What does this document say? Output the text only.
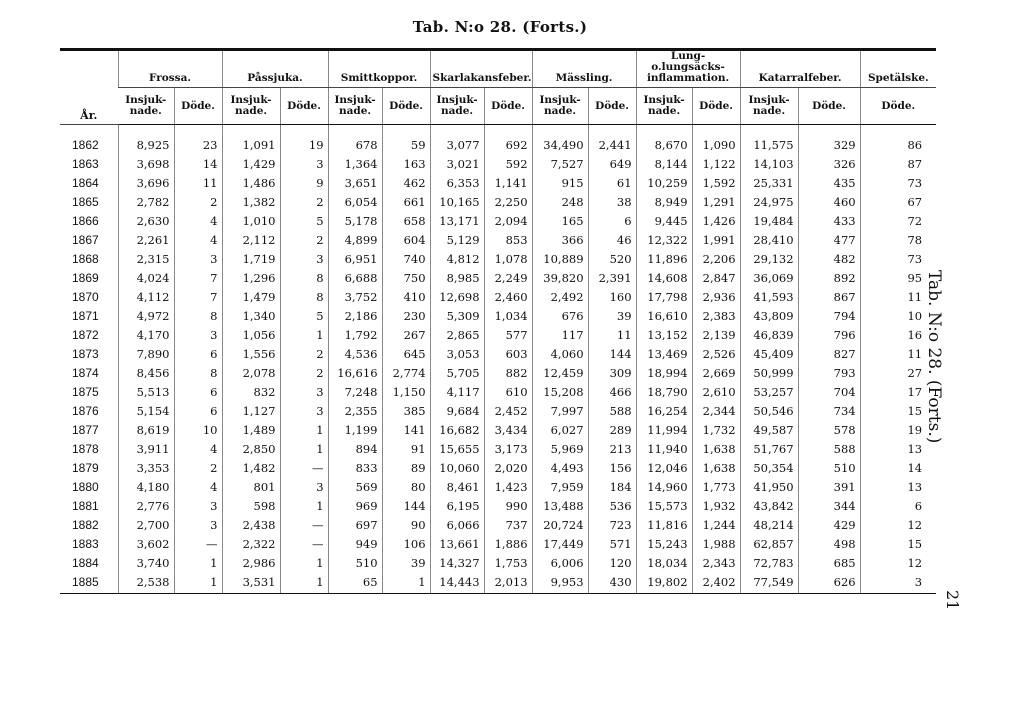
Tab. N:o 28. (Forts.)
År.	Frossa.		Påssjuka.		Smittkoppor.		Skarlakansfeber.		Mässling.		Lung-o.lungsäcks-inflammation.		Katarralfeber.		Spetälske.
	Insjuk-nade.	Döde.	Insjuk-nade.	Döde.	Insjuk-nade.	Döde.	Insjuk-nade.	Döde.	Insjuk-nade.	Döde.	Insjuk-nade.	Döde.	Insjuk-nade.	Döde.	Döde.
1862	8,925	23	1,091	19	678	59	3,077	692	34,490	2,441	8,670	1,090	11,575	329	86
1863	3,698	14	1,429	3	1,364	163	3,021	592	7,527	649	8,144	1,122	14,103	326	87
1864	3,696	11	1,486	9	3,651	462	6,353	1,141	915	61	10,259	1,592	25,331	435	73
1865	2,782	2	1,382	2	6,054	661	10,165	2,250	248	38	8,949	1,291	24,975	460	67
1866	2,630	4	1,010	5	5,178	658	13,171	2,094	165	6	9,445	1,426	19,484	433	72
1867	2,261	4	2,112	2	4,899	604	5,129	853	366	46	12,322	1,991	28,410	477	78
1868	2,315	3	1,719	3	6,951	740	4,812	1,078	10,889	520	11,896	2,206	29,132	482	73
1869	4,024	7	1,296	8	6,688	750	8,985	2,249	39,820	2,391	14,608	2,847	36,069	892	95
1870	4,112	7	1,479	8	3,752	410	12,698	2,460	2,492	160	17,798	2,936	41,593	867	11
1871	4,972	8	1,340	5	2,186	230	5,309	1,034	676	39	16,610	2,383	43,809	794	10
1872	4,170	3	1,056	1	1,792	267	2,865	577	117	11	13,152	2,139	46,839	796	16
1873	7,890	6	1,556	2	4,536	645	3,053	603	4,060	144	13,469	2,526	45,409	827	11
1874	8,456	8	2,078	2	16,616	2,774	5,705	882	12,459	309	18,994	2,669	50,999	793	27
1875	5,513	6	832	3	7,248	1,150	4,117	610	15,208	466	18,790	2,610	53,257	704	17
1876	5,154	6	1,127	3	2,355	385	9,684	2,452	7,997	588	16,254	2,344	50,546	734	15
1877	8,619	10	1,489	1	1,199	141	16,682	3,434	6,027	289	11,994	1,732	49,587	578	19
1878	3,911	4	2,850	1	894	91	15,655	3,173	5,969	213	11,940	1,638	51,767	588	13
1879	3,353	2	1,482	—	833	89	10,060	2,020	4,493	156	12,046	1,638	50,354	510	14
1880	4,180	4	801	3	569	80	8,461	1,423	7,959	184	14,960	1,773	41,950	391	13
1881	2,776	3	598	1	969	144	6,195	990	13,488	536	15,573	1,932	43,842	344	6
1882	2,700	3	2,438	—	697	90	6,066	737	20,724	723	11,816	1,244	48,214	429	12
1883	3,602	—	2,322	—	949	106	13,661	1,886	17,449	571	15,243	1,988	62,857	498	15
1884	3,740	1	2,986	1	510	39	14,327	1,753	6,006	120	18,034	2,343	72,783	685	12
1885	2,538	1	3,531	1	65	1	14,443	2,013	9,953	430	19,802	2,402	77,549	626	3
Tab. N:o 28. (Forts.)
21
